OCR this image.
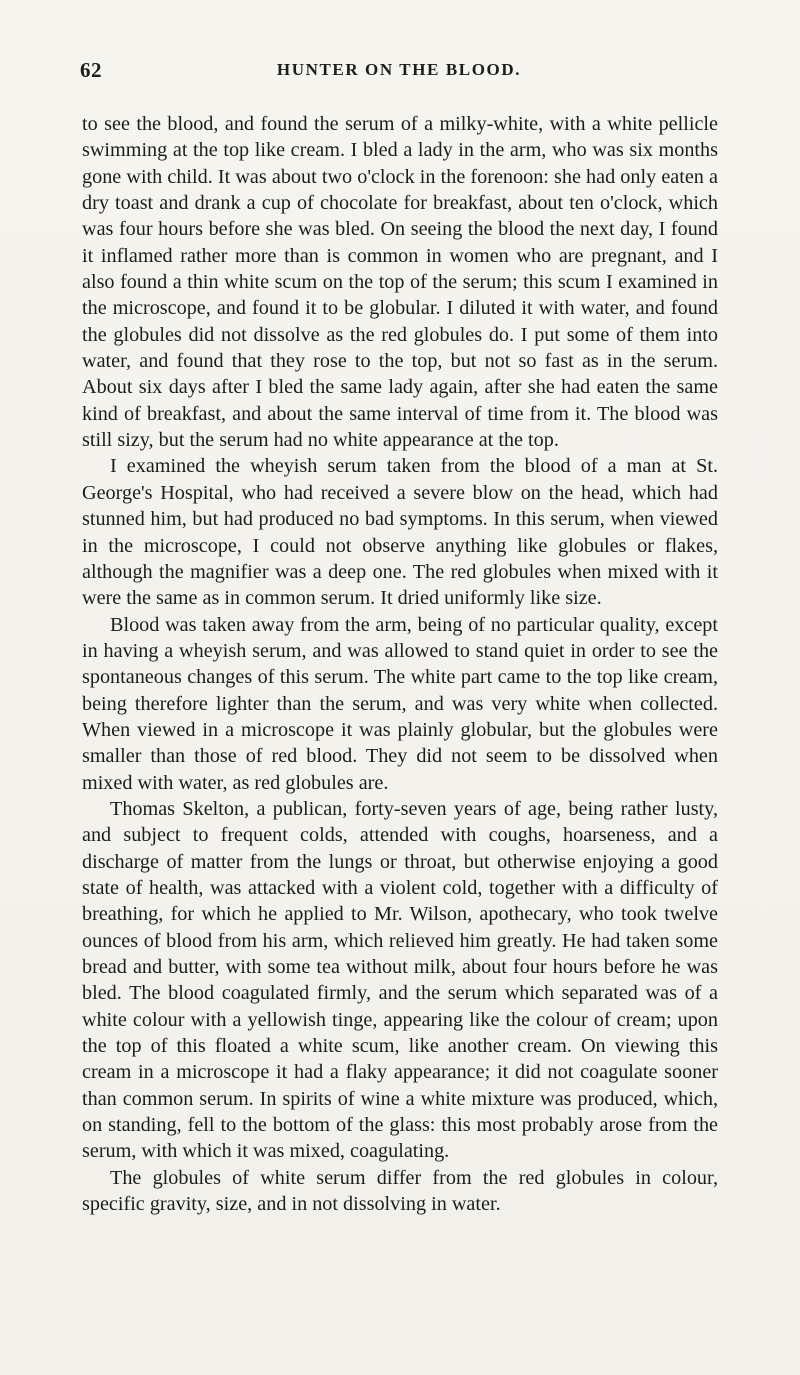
62	HUNTER ON THE BLOOD.

to see the blood, and found the serum of a milky-white, with a white pellicle swimming at the top like cream. I bled a lady in the arm, who was six months gone with child. It was about two o'clock in the forenoon: she had only eaten a dry toast and drank a cup of chocolate for breakfast, about ten o'clock, which was four hours before she was bled. On seeing the blood the next day, I found it inflamed rather more than is common in women who are pregnant, and I also found a thin white scum on the top of the serum; this scum I examined in the microscope, and found it to be globular. I diluted it with water, and found the globules did not dissolve as the red globules do. I put some of them into water, and found that they rose to the top, but not so fast as in the serum. About six days after I bled the same lady again, after she had eaten the same kind of breakfast, and about the same interval of time from it. The blood was still sizy, but the serum had no white appearance at the top.

I examined the wheyish serum taken from the blood of a man at St. George's Hospital, who had received a severe blow on the head, which had stunned him, but had produced no bad symptoms. In this serum, when viewed in the microscope, I could not observe anything like globules or flakes, although the magnifier was a deep one. The red globules when mixed with it were the same as in common serum. It dried uniformly like size.

Blood was taken away from the arm, being of no particular quality, except in having a wheyish serum, and was allowed to stand quiet in order to see the spontaneous changes of this serum. The white part came to the top like cream, being therefore lighter than the serum, and was very white when collected. When viewed in a microscope it was plainly globular, but the globules were smaller than those of red blood. They did not seem to be dissolved when mixed with water, as red globules are.

Thomas Skelton, a publican, forty-seven years of age, being rather lusty, and subject to frequent colds, attended with coughs, hoarseness, and a discharge of matter from the lungs or throat, but otherwise enjoying a good state of health, was attacked with a violent cold, together with a difficulty of breathing, for which he applied to Mr. Wilson, apothecary, who took twelve ounces of blood from his arm, which relieved him greatly. He had taken some bread and butter, with some tea without milk, about four hours before he was bled. The blood coagulated firmly, and the serum which separated was of a white colour with a yellowish tinge, appearing like the colour of cream; upon the top of this floated a white scum, like another cream. On viewing this cream in a microscope it had a flaky appearance; it did not coagulate sooner than common serum. In spirits of wine a white mixture was produced, which, on standing, fell to the bottom of the glass: this most probably arose from the serum, with which it was mixed, coagulating.

The globules of white serum differ from the red globules in colour, specific gravity, size, and in not dissolving in water.
